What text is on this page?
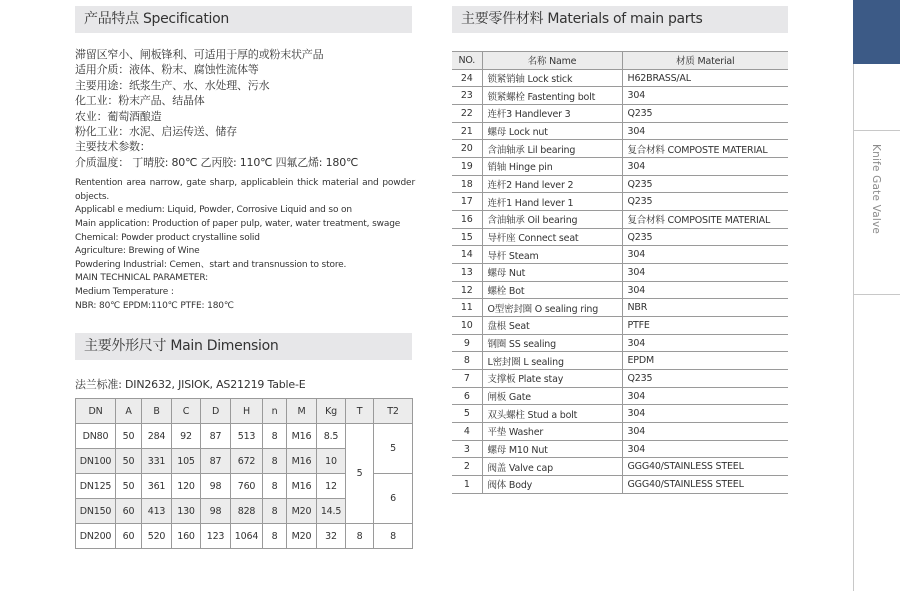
产品特点 Specification
主要外形尺寸 Main Dimension
主要零件材料 Materials of main parts
滞留区窄小、闸板锋利、可适用于厚的或粉末状产品
适用介质：液体、粉末、腐蚀性流体等
主要用途：纸浆生产、水、水处理、污水
化工业：粉末产品、结晶体
农业：葡萄酒酿造
粉化工业：水泥、启运传送、储存
主要技术参数：
介质温度： 丁晴胶: 80℃ 乙丙胶: 110℃ 四氟乙烯: 180℃
Rentention area narrow, gate sharp, applicablein thick material and powder objects.
Applicabl e medium: Liquid, Powder, Corrosive Liquid and so on
Main application: Production of paper pulp, water, water treatment, swage
Chemical: Powder product crystalline solid
Agriculture: Brewing of Wine
Powdering Industrial: Cemen、start and transnussion to store.
MAIN TECHNICAL PARAMETER:
Medium Temperature :
NBR: 80℃ EPDM:110℃ PTFE: 180℃
法兰标准: DIN2632, JISIOK, AS21219 Table-E
DN	A	B	C	D	H	n	M	Kg	T	T2
DN80	50	284	92	87	513	8	M16	8.5	5	5
DN100	50	331	105	87	672	8	M16	10		
DN125	50	361	120	98	760	8	M16	12		6
DN150	60	413	130	98	828	8	M20	14.5		
DN200	60	520	160	123	1064	8	M20	32	8	8
NO.	名称 Name	材质 Material
24	锁紧销轴 Lock stick	H62BRASS/AL
23	锁紧螺栓 Fastenting bolt	304
22	连杆3 Handlever 3	Q235
21	螺母 Lock nut	304
20	含油轴承 Lil bearing	复合材料 COMPOSTE MATERIAL
19	销轴 Hinge pin	304
18	连杆2 Hand lever 2	Q235
17	连杆1 Hand lever 1	Q235
16	含油轴承 Oil bearing	复合材料 COMPOSITE MATERIAL
15	导杆座 Connect seat	Q235
14	导杆 Steam	304
13	螺母 Nut	304
12	螺栓 Bot	304
11	O型密封圈 O sealing ring	NBR
10	盘根 Seat	PTFE
9	钢圈 SS sealing	304
8	L密封圈 L sealing	EPDM
7	支撑板 Plate stay	Q235
6	闸板 Gate	304
5	双头螺柱 Stud a bolt	304
4	平垫 Washer	304
3	螺母 M10 Nut	304
2	阀盖 Valve cap	GGG40/STAINLESS STEEL
1	阀体 Body	GGG40/STAINLESS STEEL
Knife Gate Valve
